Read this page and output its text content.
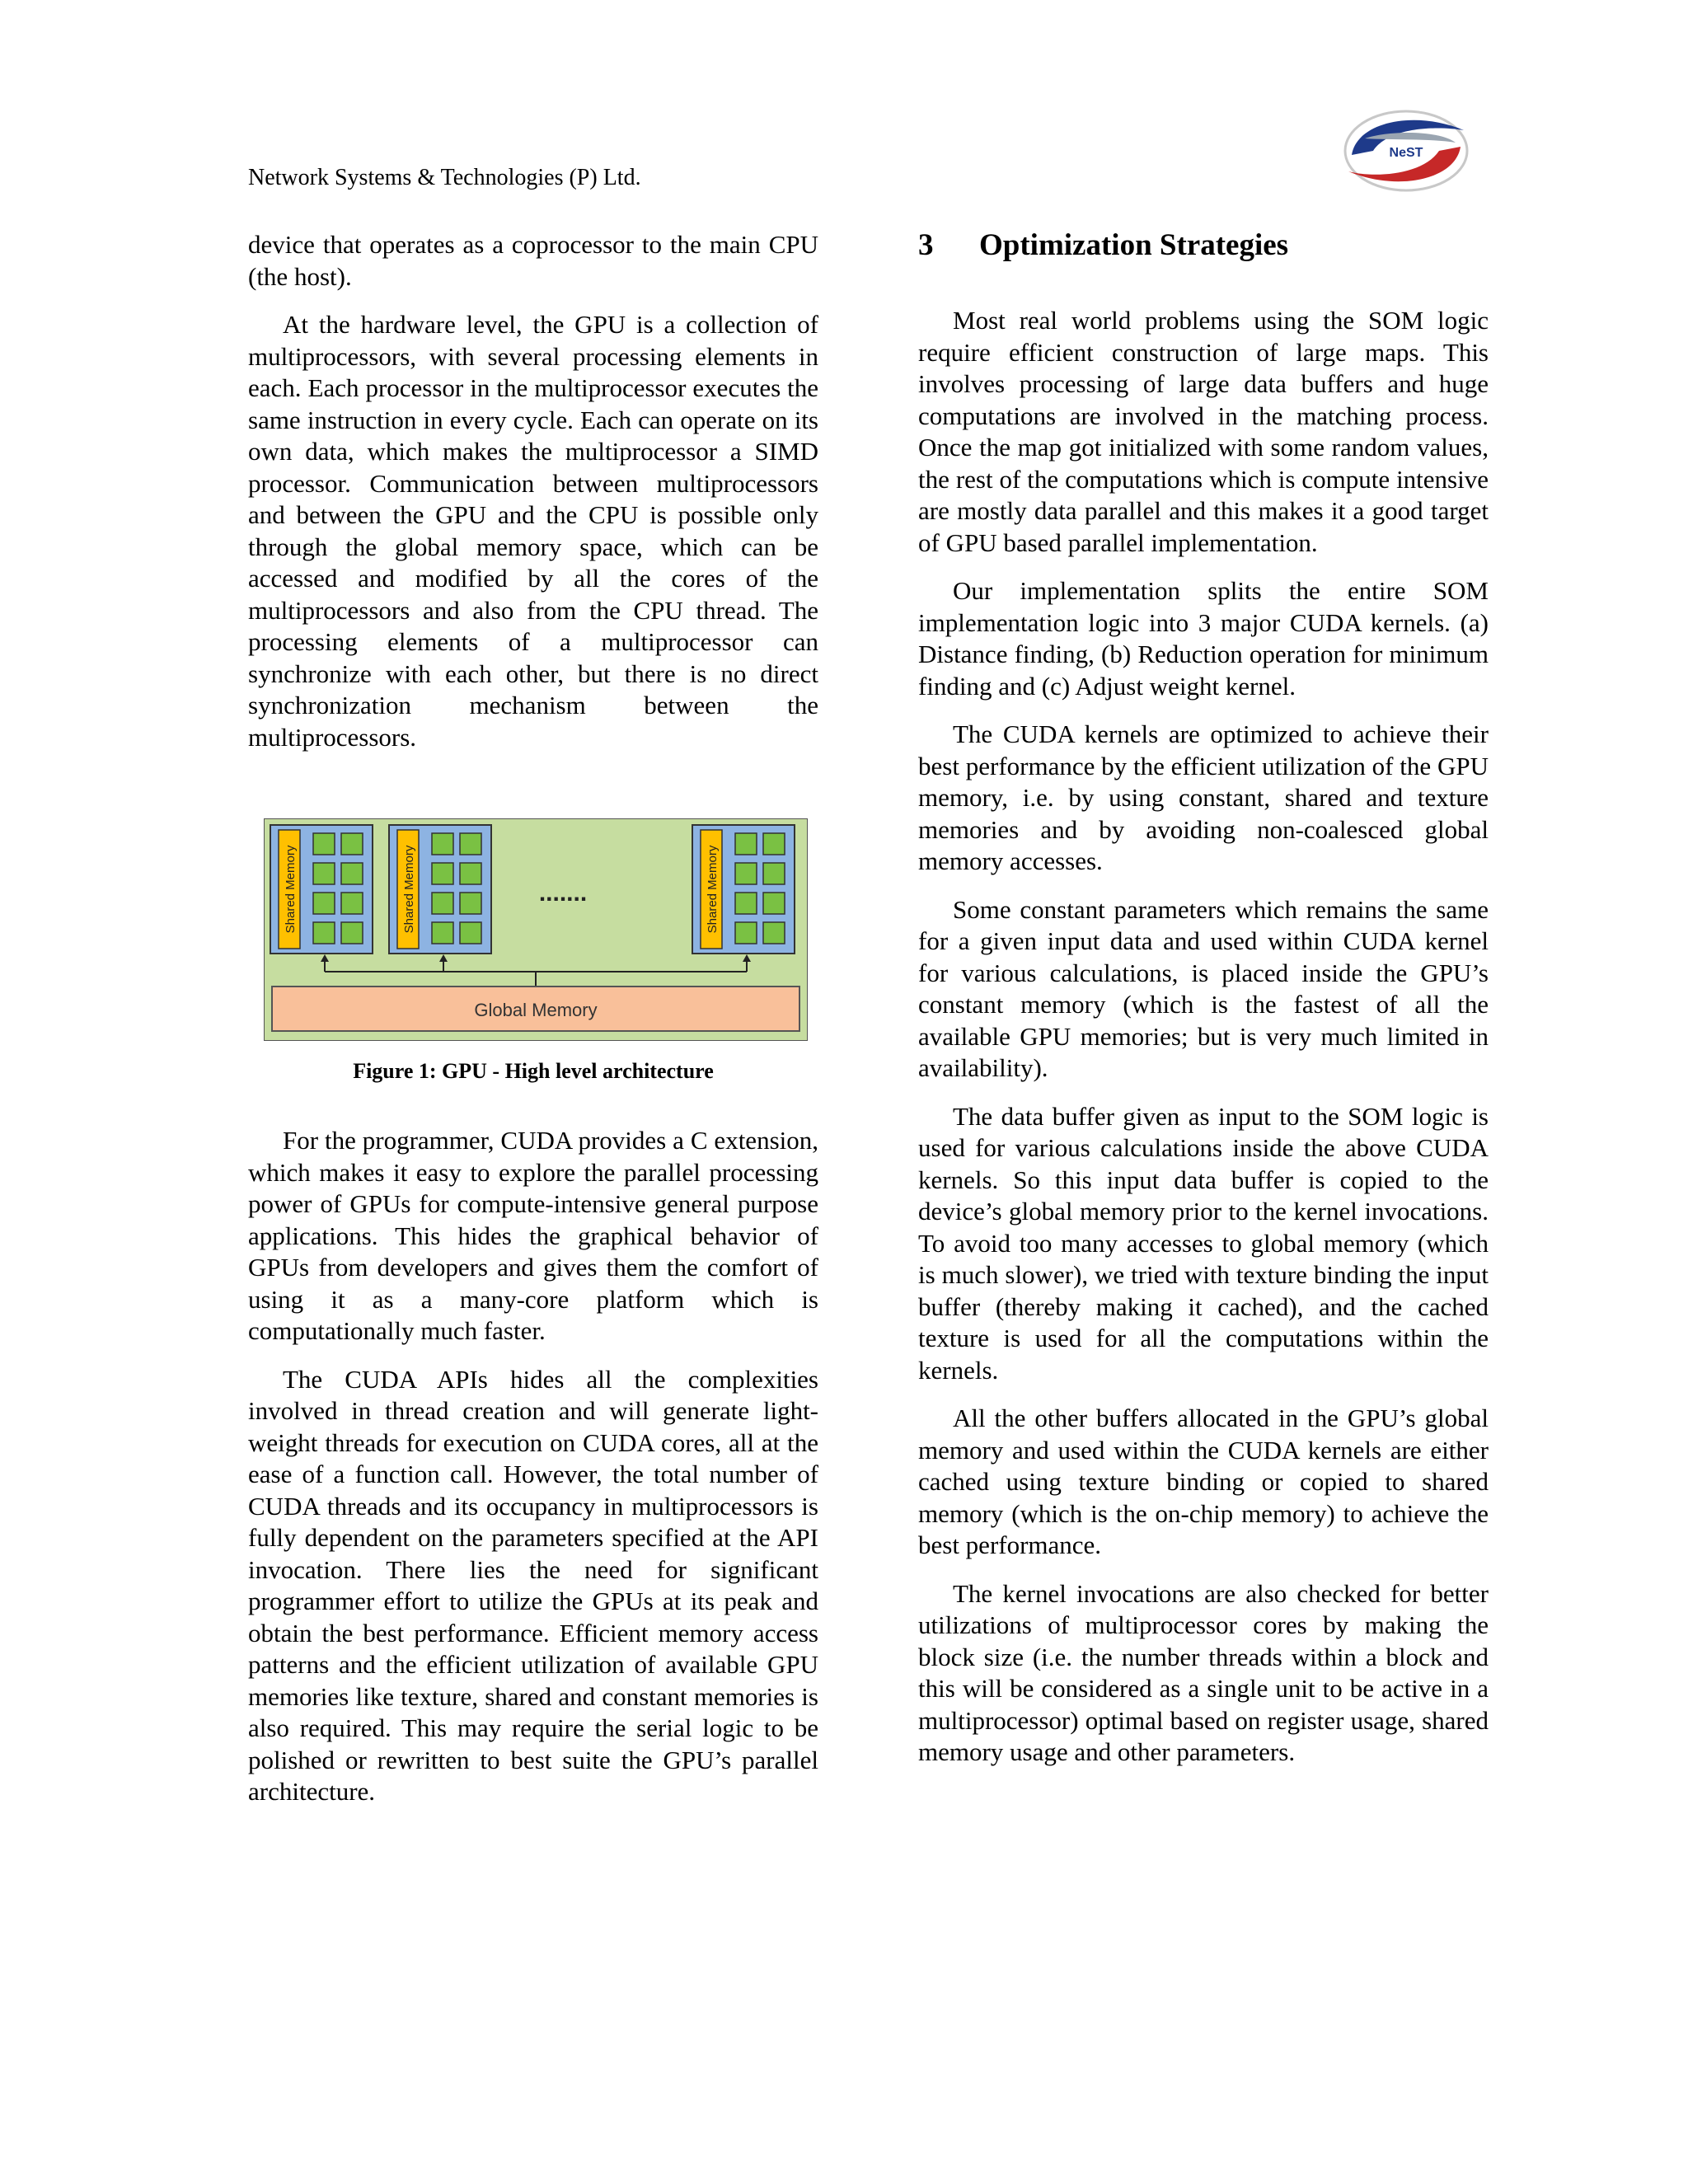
Network Systems & Technologies (P) Ltd.
NeST

device that operates as a coprocessor to the main CPU (the host).

At the hardware level, the GPU is a collection of multiprocessors, with several processing elements in each. Each processor in the multiprocessor executes the same instruction in every cycle. Each can operate on its own data, which makes the multiprocessor a SIMD processor. Communication between multiprocessors and between the GPU and the CPU is possible only through the global memory space, which can be accessed and modified by all the cores of the multiprocessors and also from the CPU thread. The processing elements of a multiprocessor can synchronize with each other, but there is no direct synchronization mechanism between the multiprocessors.

Shared Memory	Shared Memory	Shared Memory
.......
Global Memory
Figure 1: GPU - High level architecture

For the programmer, CUDA provides a C extension, which makes it easy to explore the parallel processing power of GPUs for compute-intensive general purpose applications. This hides the graphical behavior of GPUs from developers and gives them the comfort of using it as a many-core platform which is computationally much faster.

The CUDA APIs hides all the complexities involved in thread creation and will generate light-weight threads for execution on CUDA cores, all at the ease of a function call. However, the total number of CUDA threads and its occupancy in multiprocessors is fully dependent on the parameters specified at the API invocation. There lies the need for significant programmer effort to utilize the GPUs at its peak and obtain the best performance. Efficient memory access patterns and the efficient utilization of available GPU memories like texture, shared and constant memories is also required. This may require the serial logic to be polished or rewritten to best suite the GPU’s parallel architecture.

3 Optimization Strategies

Most real world problems using the SOM logic require efficient construction of large maps. This involves processing of large data buffers and huge computations are involved in the matching process. Once the map got initialized with some random values, the rest of the computations which is compute intensive are mostly data parallel and this makes it a good target of GPU based parallel implementation.

Our implementation splits the entire SOM implementation logic into 3 major CUDA kernels. (a) Distance finding, (b) Reduction operation for minimum finding and (c) Adjust weight kernel.

The CUDA kernels are optimized to achieve their best performance by the efficient utilization of the GPU memory, i.e. by using constant, shared and texture memories and by avoiding non-coalesced global memory accesses.

Some constant parameters which remains the same for a given input data and used within CUDA kernel for various calculations, is placed inside the GPU’s constant memory (which is the fastest of all the available GPU memories; but is very much limited in availability).

The data buffer given as input to the SOM logic is used for various calculations inside the above CUDA kernels. So this input data buffer is copied to the device’s global memory prior to the kernel invocations. To avoid too many accesses to global memory (which is much slower), we tried with texture binding the input buffer (thereby making it cached), and the cached texture is used for all the computations within the kernels.

All the other buffers allocated in the GPU’s global memory and used within the CUDA kernels are either cached using texture binding or copied to shared memory (which is the on-chip memory) to achieve the best performance.

The kernel invocations are also checked for better utilizations of multiprocessor cores by making the block size (i.e. the number threads within a block and this will be considered as a single unit to be active in a multiprocessor) optimal based on register usage, shared memory usage and other parameters.
